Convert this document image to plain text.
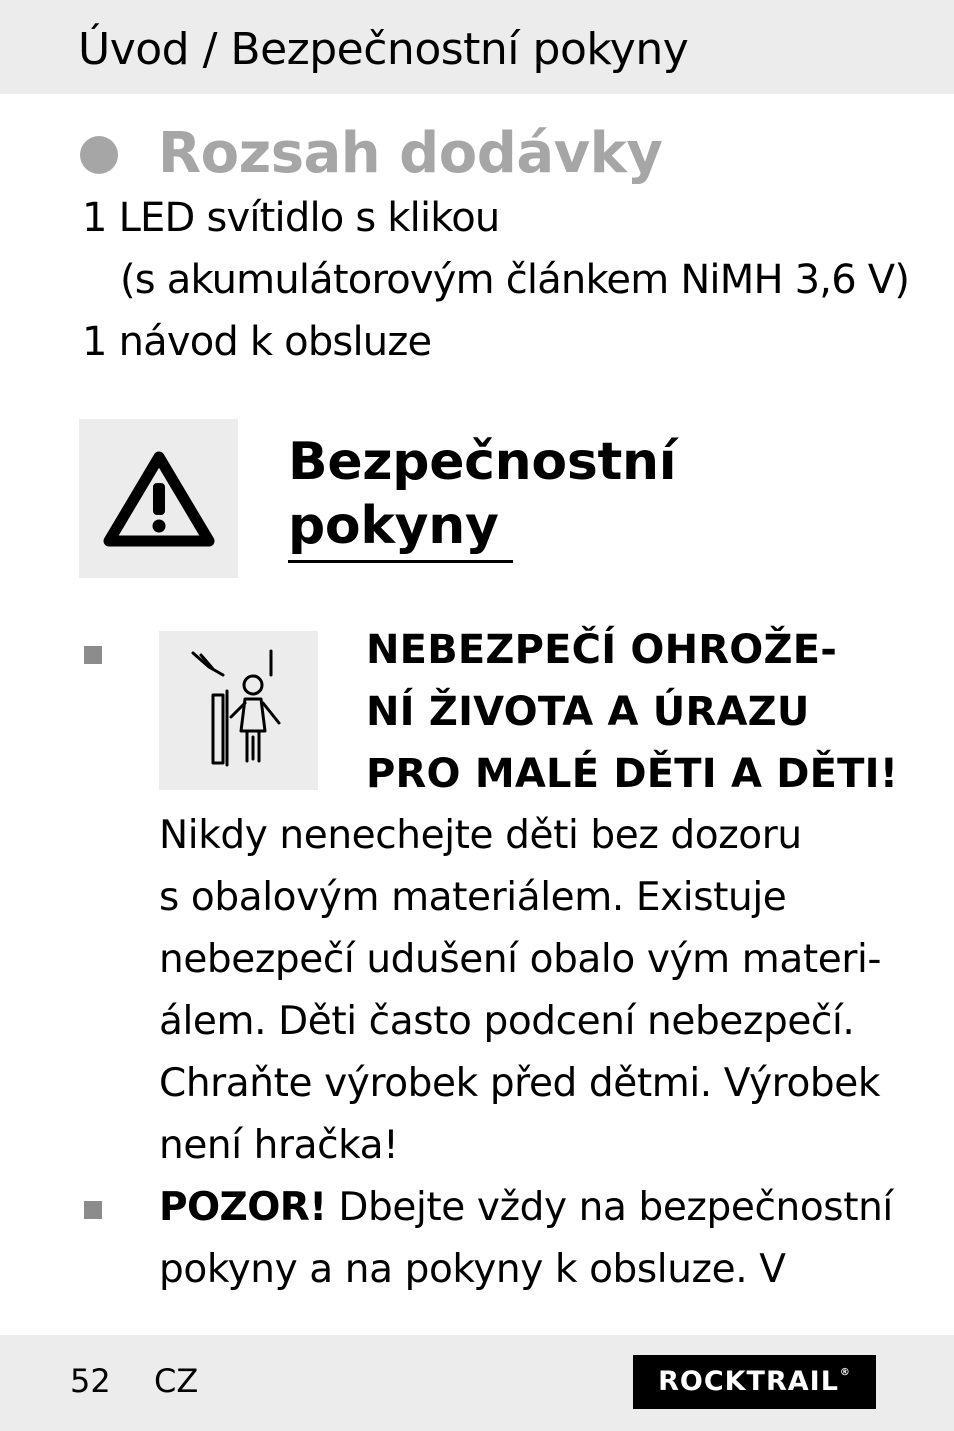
Úvod / Bezpečnostní pokyny
Rozsah dodávky
1 LED svítidlo s klikou
(s akumulátorovým článkem NiMH 3,6 V)
1 návod k obsluze
Bezpečnostní
pokyny
NEBEZPEČÍ OHROŽE-
NÍ ŽIVOTA A ÚRAZU
PRO MALÉ DĚTI A DĚTI!
Nikdy nenechejte děti bez dozoru
s obalovým materiálem. Existuje
nebezpečí udušení obalo vým materi-
álem. Děti často podcení nebezpečí.
Chraňte výrobek před dětmi. Výrobek
není hračka!
POZOR! Dbejte vždy na bezpečnostní
pokyny a na pokyny k obsluze. V
52 CZ	ROCKTRAIL®
